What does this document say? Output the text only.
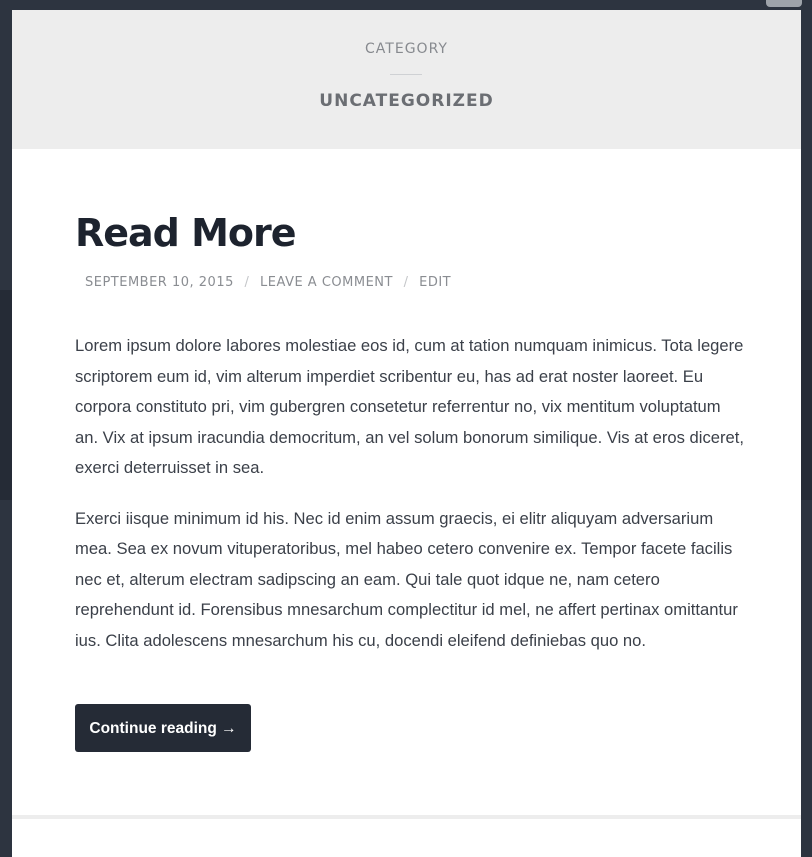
CATEGORY
UNCATEGORIZED
Read More
SEPTEMBER 10, 2015 / LEAVE A COMMENT / EDIT

Lorem ipsum dolore labores molestiae eos id, cum at tation numquam inimicus. Tota legere scriptorem eum id, vim alterum imperdiet scribentur eu, has ad erat noster laoreet. Eu corpora constituto pri, vim gubergren consetetur referrentur no, vix mentitum voluptatum an. Vix at ipsum iracundia democritum, an vel solum bonorum similique. Vis at eros diceret, exerci deterruisset in sea.

Exerci iisque minimum id his. Nec id enim assum graecis, ei elitr aliquyam adversarium mea. Sea ex novum vituperatoribus, mel habeo cetero convenire ex. Tempor facete facilis nec et, alterum electram sadipscing an eam. Qui tale quot idque ne, nam cetero reprehendunt id. Forensibus mnesarchum complectitur id mel, ne affert pertinax omittantur ius. Clita adolescens mnesarchum his cu, docendi eleifend definiebas quo no.

Continue reading →
